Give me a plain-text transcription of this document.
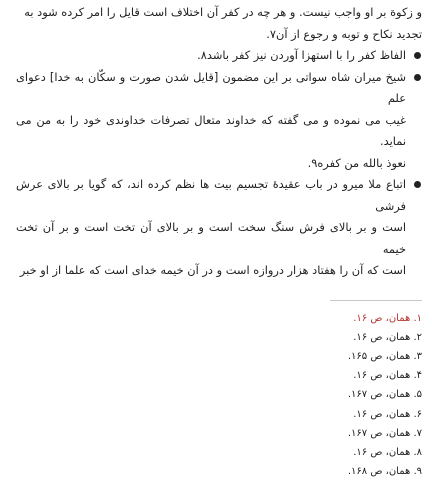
و زکوة بر او واجب نیست. و هر چه در کفر آن اختلاف است قایل را امر کرده شود به
تجدید نکاح و توبه و رجوع از آن۷.

الفاظ کفر را با استهزا آوردن نیز کفر باشد۸.

شیخ میران شاه سواتی بر این مضمون [قایل شدن صورت و سکّان به خدا] دعوای علم
غیب می نموده و می گفته که خداوند متعال تصرفات خداوندی خود را به من می نماید.
نعوذ بالله من کفره۹.

اتباع ملا میرو در باب عقیدهٔ تجسیم بیت ها نظم کرده اند، که گویا بر بالای عرش فرشی
است و بر بالای فرش سنگ سخت است و بر بالای آن تخت است و بر آن تخت خیمه
است که آن را هفتاد هزار دروازه است و در آن خیمه خدای است که علما از او خبر

۱. همان، ص ۱۶.
۲. همان، ص ۱۶.
۳. همان، ص ۱۶۵.
۴. همان، ص ۱۶.
۵. همان، ص ۱۶۷.
۶. همان، ص ۱۶.
۷. همان، ص ۱۶۷.
۸. همان، ص ۱۶.
۹. همان، ص ۱۶۸.
